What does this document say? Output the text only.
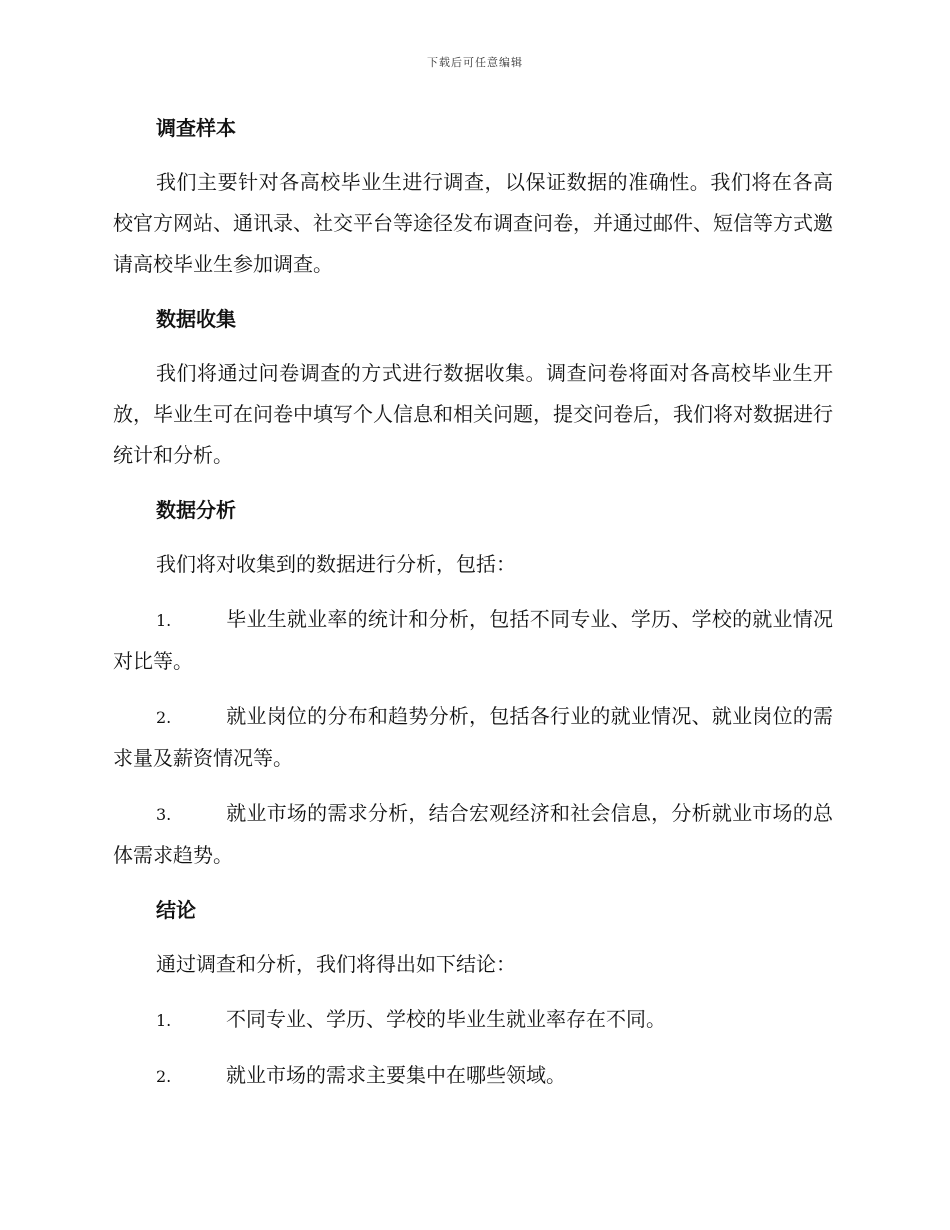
下载后可任意编辑
调查样本

我们主要针对各高校毕业生进行调查，以保证数据的准确性。我们将在各高校官方网站、通讯录、社交平台等途径发布调查问卷，并通过邮件、短信等方式邀请高校毕业生参加调查。

数据收集

我们将通过问卷调查的方式进行数据收集。调查问卷将面对各高校毕业生开放，毕业生可在问卷中填写个人信息和相关问题，提交问卷后，我们将对数据进行统计和分析。

数据分析

我们将对收集到的数据进行分析，包括：

1.	毕业生就业率的统计和分析，包括不同专业、学历、学校的就业情况对比等。

2.	就业岗位的分布和趋势分析，包括各行业的就业情况、就业岗位的需求量及薪资情况等。

3.	就业市场的需求分析，结合宏观经济和社会信息，分析就业市场的总体需求趋势。

结论

通过调查和分析，我们将得出如下结论：

1.	不同专业、学历、学校的毕业生就业率存在不同。

2.	就业市场的需求主要集中在哪些领域。
